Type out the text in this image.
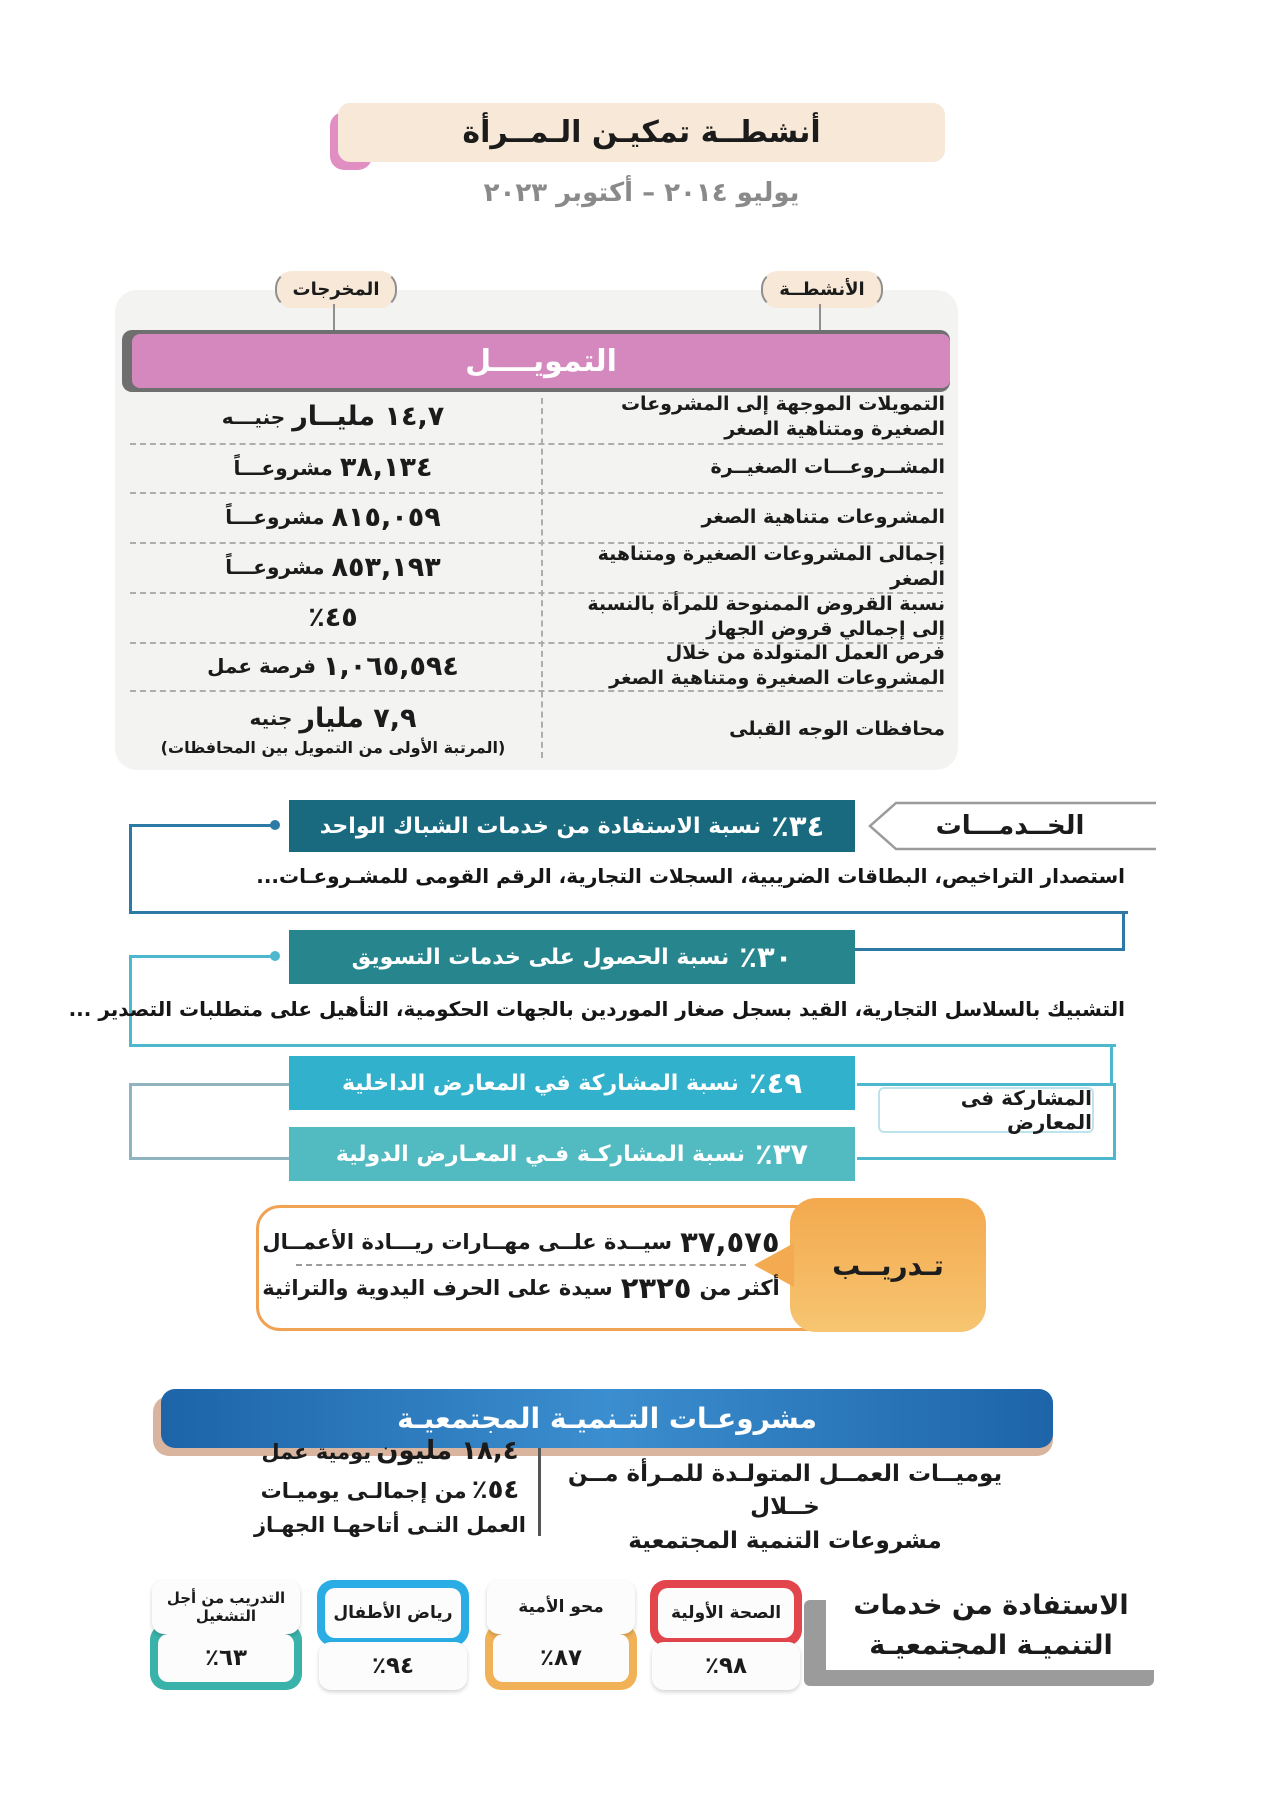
أنشطــة تمكيـن الـمــرأة
يوليو ٢٠١٤ – أكتوبر ٢٠٢٣
المخرجات	الأنشطــة
التمويــــل
التمويلات الموجهة إلى المشروعات الصغيرة ومتناهية الصغر
١٤,٧ مليــار
جنيـــه
المشــروعـــات الصغيــرة
٣٨,١٣٤
مشروعـــاً
المشروعات متناهية الصغر
٨١٥,٠٥٩
مشروعـــاً
إجمالى المشروعات الصغيرة ومتناهية الصغر
٨٥٣,١٩٣
مشروعـــاً
نسبة القروض الممنوحة للمرأة بالنسبة إلى إجمالي قروض الجهاز
٤٥٪
فرص العمل المتولدة من خلال المشروعات الصغيرة ومتناهية الصغر
١,٠٦٥,٥٩٤
فرصة عمل
محافظات الوجه القبلى
٧,٩ مليار
جنيه
(المرتبة الأولى من التمويل بين المحافظات)
الخــدمـــات
٣٤٪
نسبة الاستفادة من خدمات الشباك الواحد
استصدار التراخيص، البطاقات الضريبية، السجلات التجارية، الرقم القومى للمشـروعـات...
٣٠٪
نسبة الحصول على خدمات التسويق
التشبيك بالسلاسل التجارية، القيد بسجل صغار الموردين بالجهات الحكومية، التأهيل على متطلبات التصدير ...
٤٩٪
نسبة المشاركة في المعارض الداخلية
٣٧٪
نسبة المشاركـة فـي المعـارض الدولية
المشاركة فى المعارض
تـدريــب
٣٧,٥٧٥
سيــدة علــى مهــارات ريـــادة الأعمــال
أكثر من
٢٣٢٥
سيدة على الحرف اليدوية والتراثية
مشروعـات التـنميـة المجتمعيـة
يوميــات العمــل المتولـدة للمـرأة مــن خــلال
مشروعات التنمية المجتمعية
١٨,٤ مليون يومية عمل
٥٤٪ من إجمالـى يوميـات
العمل التـى أتاحهـا الجهـاز
الاستفادة من خدمات
التنميـة المجتمعيـة
الصحة الأولية
٩٨٪
محو الأمية
٨٧٪
رياض الأطفال
٩٤٪
التدريب من أجل التشغيل
٦٣٪
